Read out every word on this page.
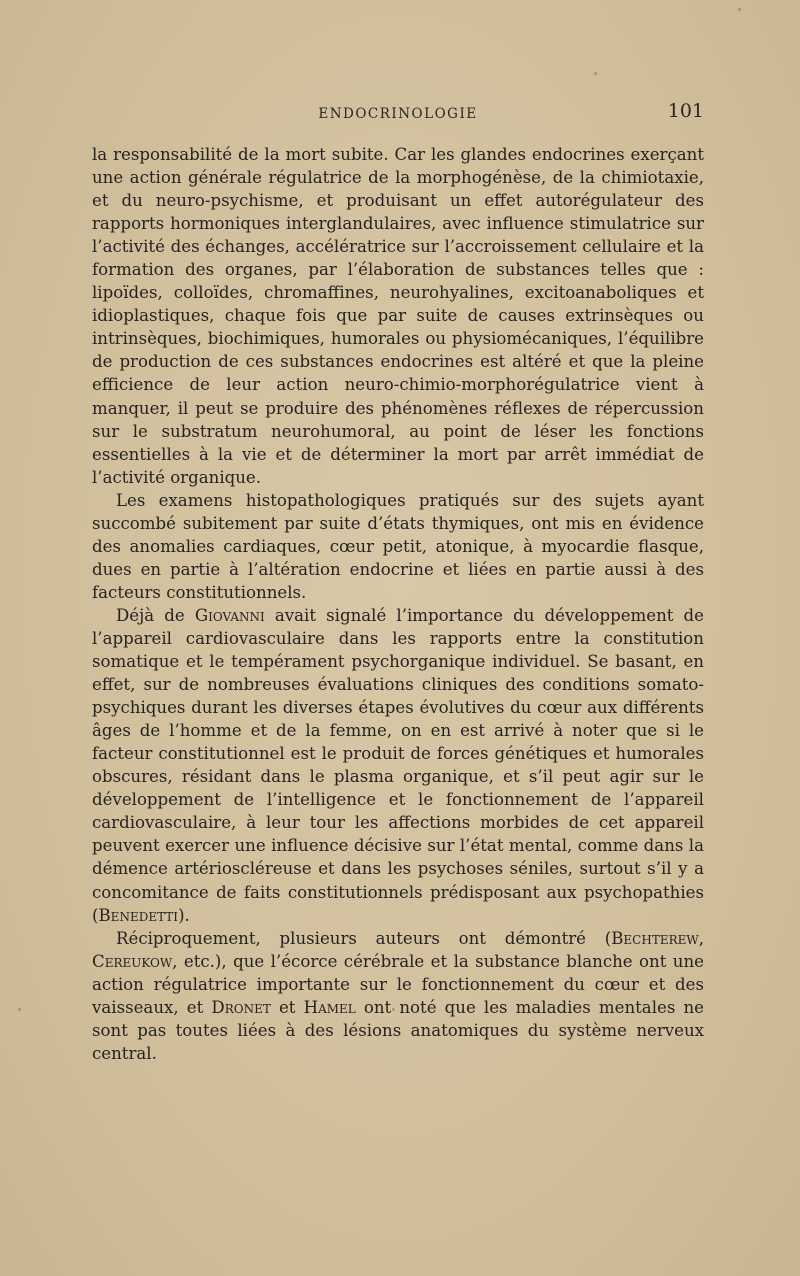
ENDOCRINOLOGIE	101

la responsabilité de la mort subite. Car les glandes endocrines exerçant une action générale régulatrice de la morphogénèse, de la chimiotaxie, et du neuro-psychisme, et produisant un effet autorégulateur des rapports hormoniques interglandulaires, avec influence stimulatrice sur l’activité des échanges, accélératrice sur l’accroissement cellulaire et la formation des organes, par l’élaboration de substances telles que : lipoïdes, colloïdes, chromaffines, neurohyalines, excitoanaboliques et idioplastiques, chaque fois que par suite de causes extrinsèques ou intrinsèques, biochimiques, humorales ou physiomécaniques, l’équilibre de production de ces substances endocrines est altéré et que la pleine efficience de leur action neuro-chimio-morphorégulatrice vient à manquer, il peut se produire des phénomènes réflexes de répercussion sur le substratum neurohumoral, au point de léser les fonctions essentielles à la vie et de déterminer la mort par arrêt immédiat de l’activité organique.

Les examens histopathologiques pratiqués sur des sujets ayant succombé subitement par suite d’états thymiques, ont mis en évidence des anomalies cardiaques, cœur petit, atonique, à myocardie flasque, dues en partie à l’altération endocrine et liées en partie aussi à des facteurs constitutionnels.

Déjà de Giovanni avait signalé l’importance du développement de l’appareil cardiovasculaire dans les rapports entre la constitution somatique et le tempérament psychorganique individuel. Se basant, en effet, sur de nombreuses évaluations cliniques des conditions somato-psychiques durant les diverses étapes évolutives du cœur aux différents âges de l’homme et de la femme, on en est arrivé à noter que si le facteur constitutionnel est le produit de forces génétiques et humorales obscures, résidant dans le plasma organique, et s’il peut agir sur le développement de l’intelligence et le fonctionnement de l’appareil cardiovasculaire, à leur tour les affections morbides de cet appareil peuvent exercer une influence décisive sur l’état mental, comme dans la démence artérioscléreuse et dans les psychoses séniles, surtout s’il y a concomitance de faits constitutionnels prédisposant aux psychopathies (Benedetti).

Réciproquement, plusieurs auteurs ont démontré (Bechterew, Cereukow, etc.), que l’écorce cérébrale et la substance blanche ont une action régulatrice importante sur le fonctionnement du cœur et des vaisseaux, et Dronet et Hamel ont noté que les maladies mentales ne sont pas toutes liées à des lésions anatomiques du système nerveux central.
